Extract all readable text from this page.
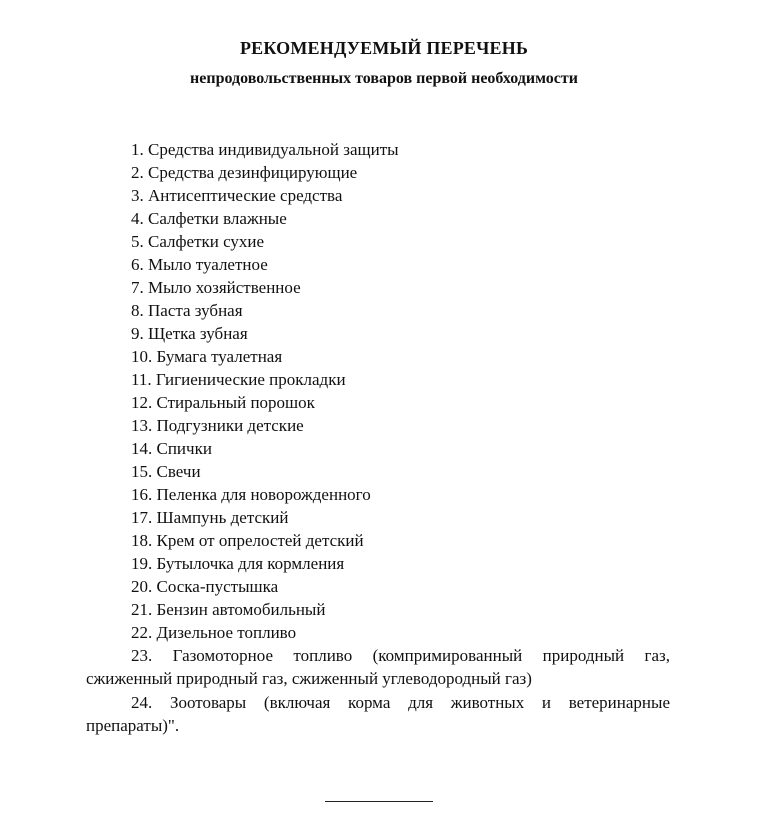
РЕКОМЕНДУЕМЫЙ ПЕРЕЧЕНЬ
непродовольственных товаров первой необходимости
1. Средства индивидуальной защиты
2. Средства дезинфицирующие
3. Антисептические средства
4. Салфетки влажные
5. Салфетки сухие
6. Мыло туалетное
7. Мыло хозяйственное
8. Паста зубная
9. Щетка зубная
10. Бумага туалетная
11. Гигиенические прокладки
12. Стиральный порошок
13. Подгузники детские
14. Спички
15. Свечи
16. Пеленка для новорожденного
17. Шампунь детский
18. Крем от опрелостей детский
19. Бутылочка для кормления
20. Соска-пустышка
21. Бензин автомобильный
22. Дизельное топливо
23. Газомоторное топливо (компримированный природный газ,
сжиженный природный газ, сжиженный углеводородный газ)
24. Зоотовары (включая корма для животных и ветеринарные
препараты)".
